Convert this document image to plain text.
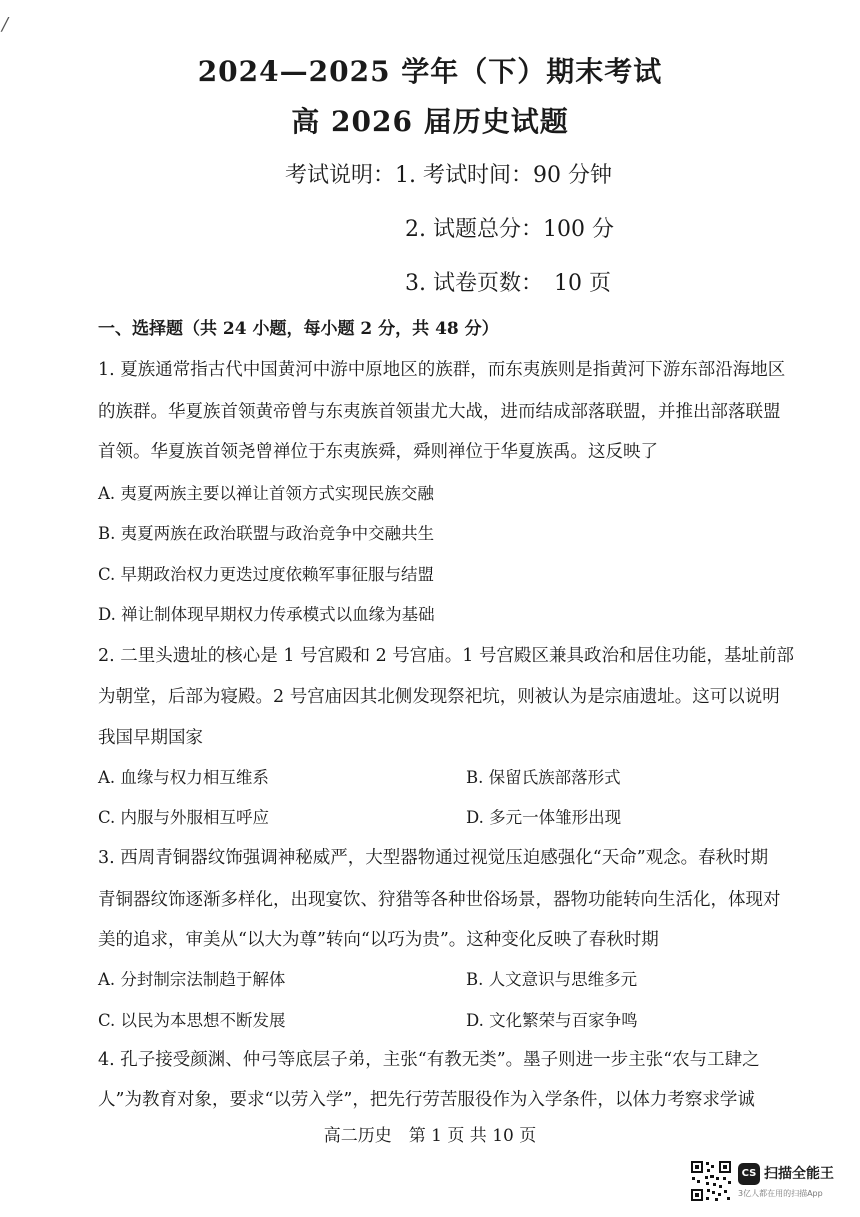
/
2024—2025 学年（下）期末考试
高 2026 届历史试题
考试说明： 1. 考试时间：90 分钟
2. 试题总分：100 分
3. 试卷页数：　10 页
一、选择题（共 24 小题，每小题 2 分，共 48 分）
1. 夏族通常指古代中国黄河中游中原地区的族群，而东夷族则是指黄河下游东部沿海地区
的族群。华夏族首领黄帝曾与东夷族首领蚩尤大战，进而结成部落联盟，并推出部落联盟
首领。华夏族首领尧曾禅位于东夷族舜，舜则禅位于华夏族禹。这反映了
A. 夷夏两族主要以禅让首领方式实现民族交融
B. 夷夏两族在政治联盟与政治竞争中交融共生
C. 早期政治权力更迭过度依赖军事征服与结盟
D. 禅让制体现早期权力传承模式以血缘为基础
2. 二里头遗址的核心是 1 号宫殿和 2 号宫庙。1 号宫殿区兼具政治和居住功能，基址前部
为朝堂，后部为寝殿。2 号宫庙因其北侧发现祭祀坑，则被认为是宗庙遗址。这可以说明
我国早期国家
A. 血缘与权力相互维系	B. 保留氏族部落形式
C. 内服与外服相互呼应	D. 多元一体雏形出现
3. 西周青铜器纹饰强调神秘威严，大型器物通过视觉压迫感强化“天命”观念。春秋时期
青铜器纹饰逐渐多样化，出现宴饮、狩猎等各种世俗场景，器物功能转向生活化，体现对
美的追求，审美从“以大为尊”转向“以巧为贵”。这种变化反映了春秋时期
A. 分封制宗法制趋于解体	B. 人文意识与思维多元
C. 以民为本思想不断发展	D. 文化繁荣与百家争鸣
4. 孔子接受颜渊、仲弓等底层子弟，主张“有教无类”。墨子则进一步主张“农与工肆之
人”为教育对象，要求“以劳入学”，把先行劳苦服役作为入学条件，以体力考察求学诚
高二历史　第 1 页 共 10 页
CS 扫描全能王
3亿人都在用的扫描App
